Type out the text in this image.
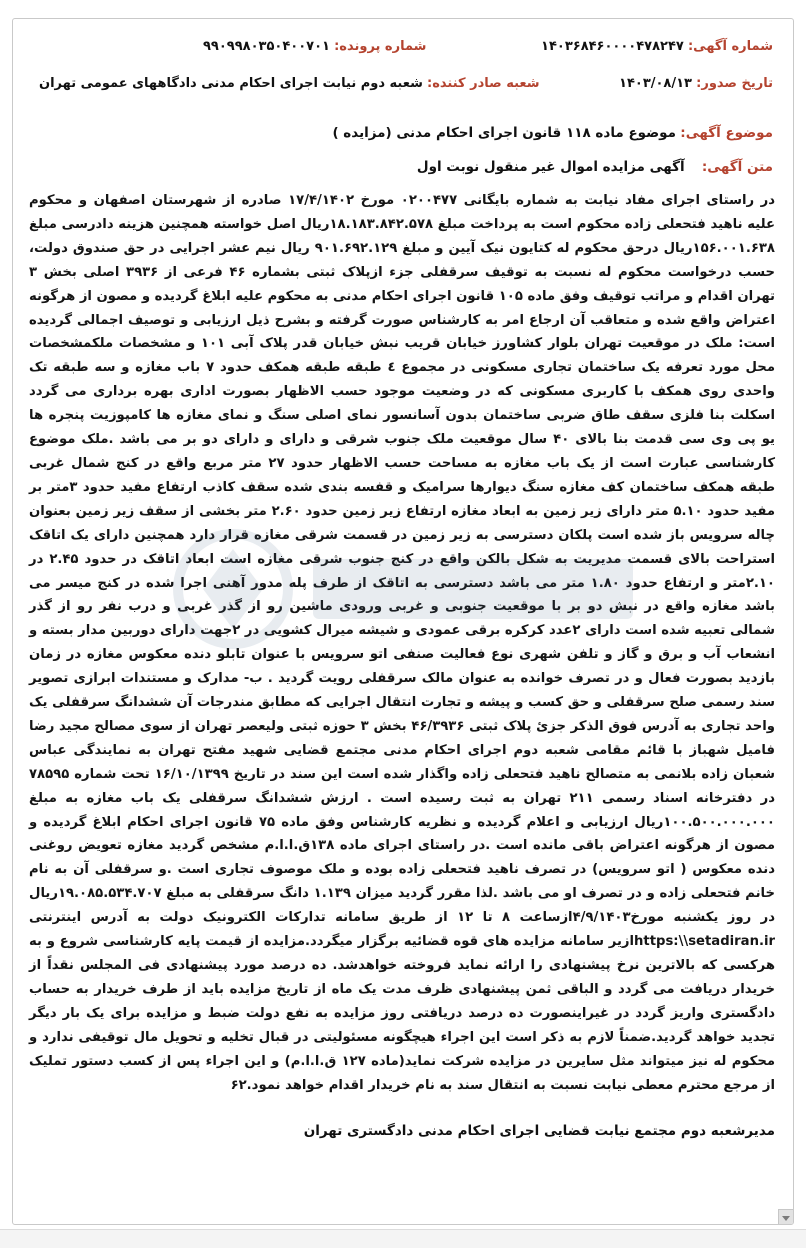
شماره آگهی: ۱۴۰۳۶۸۴۶۰۰۰۰۴۷۸۲۴۷
شماره پرونده: ۹۹۰۹۹۸۰۳۵۰۴۰۰۷۰۱
تاریخ صدور: ۱۴۰۳/۰۸/۱۳
شعبه صادر کننده: شعبه دوم نیابت اجرای احکام مدنی دادگاههای عمومی تهران
موضوع آگهی: موضوع ماده ۱۱۸ قانون اجرای احکام مدنی (مزایده )
متن آگهی:    آگهی مزایده اموال غیر منقول نوبت اول
در راستای اجرای مفاد نیابت به شماره بایگانی ۰۲۰۰۴۷۷ مورخ ۱۷/۴/۱۴۰۲ صادره از شهرستان اصفهان و محکوم علیه ناهید فتحعلی زاده محکوم است به پرداخت مبلغ ۱۸.۱۸۳.۸۴۲.۵۷۸ریال اصل خواسته همچنین هزینه دادرسی مبلغ ۱۵۶.۰۰۱.۶۳۸ریال درحق محکوم له کتایون نیک آیین و مبلغ ۹۰۱.۶۹۲.۱۲۹ ریال نیم عشر اجرایی در حق صندوق دولت، حسب درخواست محکوم له نسبت به توقیف سرقفلی جزء ازپلاک ثبتی بشماره ۴۶ فرعی از ۳۹۳۶ اصلی بخش ۳ تهران اقدام و مراتب توقیف وفق ماده ۱۰۵ قانون اجرای احکام مدنی به محکوم علیه ابلاغ گردیده و مصون از هرگونه اعتراض واقع شده و متعاقب آن ارجاع امر به کارشناس صورت گرفته و بشرح ذیل ارزیابی و توصیف اجمالی گردیده است: ملک در موقعیت تهران بلوار کشاورز خیابان قریب نبش خیابان قدر پلاک آبی ۱۰۱ و مشخصات ملکمشخصات محل مورد تعرفه یک ساختمان تجاری مسکونی در مجموع ٤ طبقه طبقه همکف حدود ۷ باب مغازه و سه طبقه تک واحدی روی همکف با کاربری مسکونی که در وضعیت موجود حسب الاظهار بصورت اداری بهره برداری می گردد اسکلت بنا فلزی سقف طاق ضربی ساختمان بدون آسانسور نمای اصلی سنگ و نمای مغازه ها کامپوزیت پنجره ها یو پی وی سی قدمت بنا بالای ۴۰ سال موقعیت ملک جنوب شرقی و دارای و دارای دو بر می باشد .ملک موضوع کارشناسی عبارت است از یک باب مغازه به مساحت حسب الاظهار حدود ۲۷ متر مربع واقع در کنج شمال غربی طبقه همکف ساختمان کف مغازه سنگ دیوارها سرامیک و قفسه بندی شده سقف کاذب ارتفاع مفید حدود ۳متر بر مفید حدود ۵.۱۰ متر دارای زیر زمین به ابعاد مغازه ارتفاع زیر زمین حدود ۲.۶۰ متر بخشی از سقف زیر زمین بعنوان چاله سرویس باز شده است پلکان دسترسی به زیر زمین در قسمت شرقی مغازه قرار دارد همچنین دارای یک اتاقک استراحت بالای قسمت مدیریت به شکل بالکن واقع در کنج جنوب شرقی مغازه است ابعاد اتاقک در حدود ۲.۴۵ در ۲.۱۰متر و ارتفاع حدود ۱.۸۰ متر می باشد دسترسی به اتاقک از طرف پله مدور آهنی اجرا شده در کنج میسر می باشد مغازه واقع در نبش دو بر با موقعیت جنوبی و غربی ورودی ماشین رو از گذر غربی و درب نفر رو از گذر شمالی تعبیه شده است دارای ۲عدد کرکره برقی عمودی و شیشه میرال کشویی در ۲جهت دارای دوربین مدار بسته و انشعاب آب و برق و گاز و تلفن شهری نوع فعالیت صنفی اتو سرویس با عنوان تابلو دنده معکوس مغازه در زمان بازدید بصورت فعال و در تصرف خوانده به عنوان مالک سرقفلی رویت گردید . ب- مدارک و مستندات ابرازی تصویر سند رسمی صلح سرقفلی و حق کسب و پیشه و تجارت انتقال اجرایی که مطابق مندرجات آن ششدانگ سرقفلی یک واحد تجاری به آدرس فوق الذکر جزئ پلاک ثبتی ۴۶/۳۹۳۶ بخش ۳ حوزه ثبتی ولیعصر تهران از سوی مصالح مجید رضا فامیل شهباز با قائم مقامی شعبه دوم اجرای احکام مدنی مجتمع قضایی شهید مفتح تهران به نمایندگی عباس شعبان زاده بلانمی به متصالح ناهید فتحعلی زاده واگذار شده است این سند در تاریخ ۱۶/۱۰/۱۳۹۹ تحت شماره ۷۸۵۹۵ در دفترخانه اسناد رسمی ۲۱۱ تهران به ثبت رسیده است . ارزش ششدانگ سرقفلی یک باب مغازه به مبلغ ۱۰۰.۵۰۰.۰۰۰.۰۰۰ریال ارزیابی و اعلام گردیده و نظریه کارشناس وفق ماده ۷۵ قانون اجرای احکام ابلاغ گردیده و مصون از هرگونه اعتراض باقی مانده است .در راستای اجرای ماده ۱۳۸ق.ا.ا.م مشخص گردید مغازه تعویض روغنی دنده معکوس ( اتو سرویس) در تصرف ناهید فتحعلی زاده بوده و ملک موصوف تجاری است .و سرقفلی آن به نام خانم فتحعلی زاده و در تصرف او می باشد .لذا مقرر گردید میزان ۱.۱۳۹ دانگ سرقفلی به مبلغ ۱۹.۰۸۵.۵۳۴.۷۰۷ریال در روز یکشنبه مورخ۴/۹/۱۴۰۳ازساعت ۸ تا ۱۲ از طریق سامانه تدارکات الکترونیک دولت به آدرس اینترنتی https:\\setadiran.irازیر سامانه مزایده های قوه قضائیه برگزار میگردد.مزایده از قیمت پایه کارشناسی شروع و به هرکسی که بالاترین نرخ پیشنهادی را ارائه نماید فروخته خواهدشد. ده درصد مورد پیشنهادی فی المجلس نقداً از خریدار دریافت می گردد و الباقی ثمن پیشنهادی ظرف مدت یک ماه از تاریخ مزایده باید از طرف خریدار به حساب دادگستری واریز گردد در غیراینصورت ده درصد دریافتی روز مزایده به نفع دولت ضبط و مزایده برای یک بار دیگر تجدید خواهد گردید.ضمناً لازم به ذکر است این اجراء هیچگونه مسئولیتی در قبال تخلیه و تحویل مال توقیفی ندارد و محکوم له نیز میتواند مثل سایرین در مزایده شرکت نماید(ماده ۱۲۷ ق.ا.ا.م) و این اجراء پس از کسب دستور تملیک از مرجع محترم معطی نیابت نسبت به انتقال سند به نام خریدار اقدام خواهد نمود.۶۲
مدیرشعبه دوم مجتمع نیابت قضایی اجرای احکام مدنی دادگستری تهران
